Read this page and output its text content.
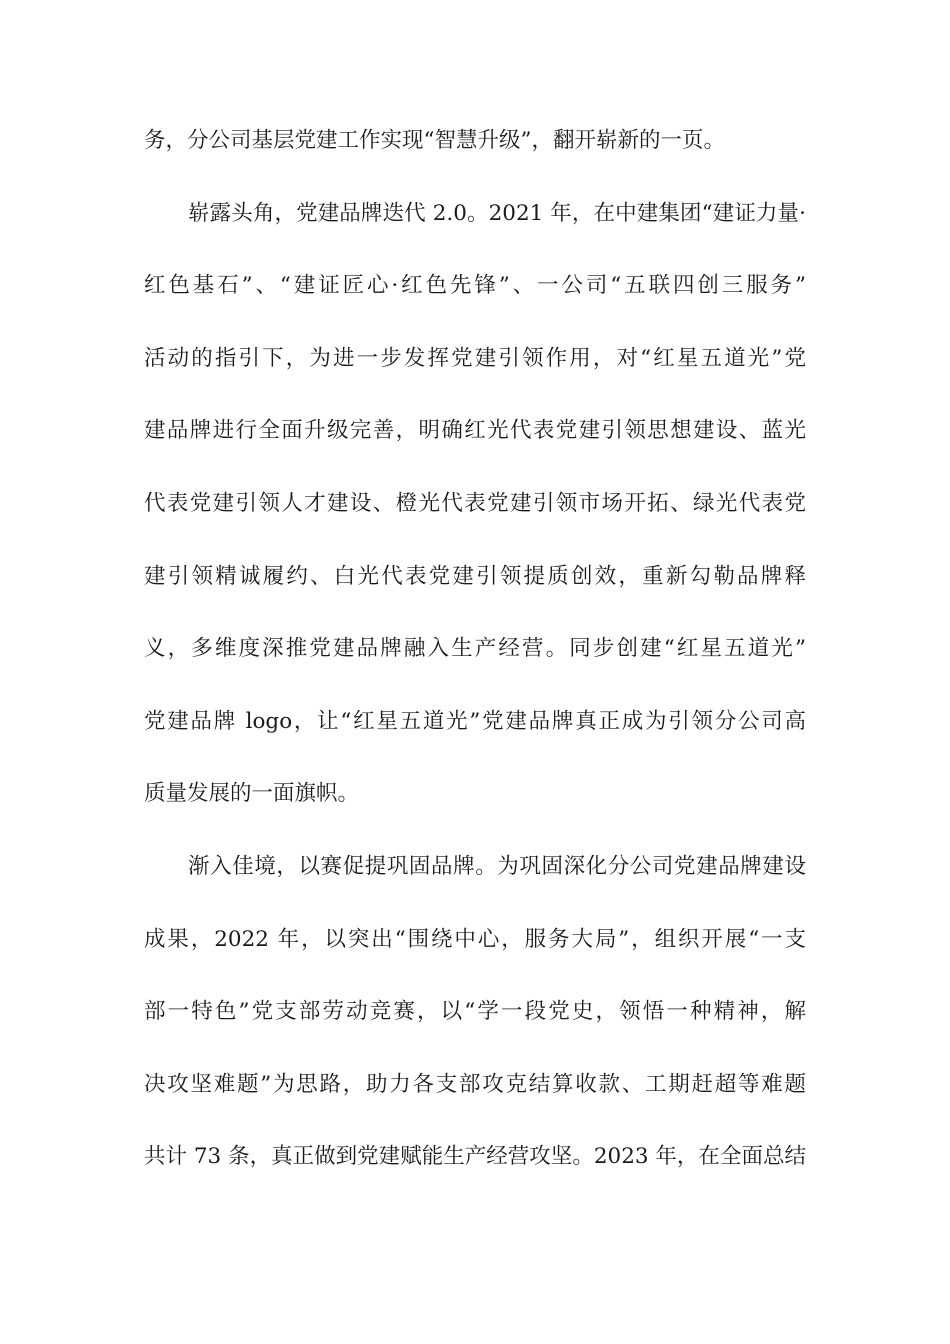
务，分公司基层党建工作实现“智慧升级”，翻开崭新的一页。
崭露头角，党建品牌迭代 2.0。2021 年，在中建集团“建证力量·
红色基石”、“建证匠心·红色先锋”、一公司“五联四创三服务”
活动的指引下，为进一步发挥党建引领作用，对“红星五道光”党
建品牌进行全面升级完善，明确红光代表党建引领思想建设、蓝光
代表党建引领人才建设、橙光代表党建引领市场开拓、绿光代表党
建引领精诚履约、白光代表党建引领提质创效，重新勾勒品牌释
义，多维度深推党建品牌融入生产经营。同步创建“红星五道光”
党建品牌 logo，让“红星五道光”党建品牌真正成为引领分公司高
质量发展的一面旗帜。
渐入佳境，以赛促提巩固品牌。为巩固深化分公司党建品牌建设
成果，2022 年，以突出“围绕中心，服务大局”，组织开展“一支
部一特色”党支部劳动竞赛，以“学一段党史，领悟一种精神，解
决攻坚难题”为思路，助力各支部攻克结算收款、工期赶超等难题
共计 73 条，真正做到党建赋能生产经营攻坚。2023 年，在全面总结
